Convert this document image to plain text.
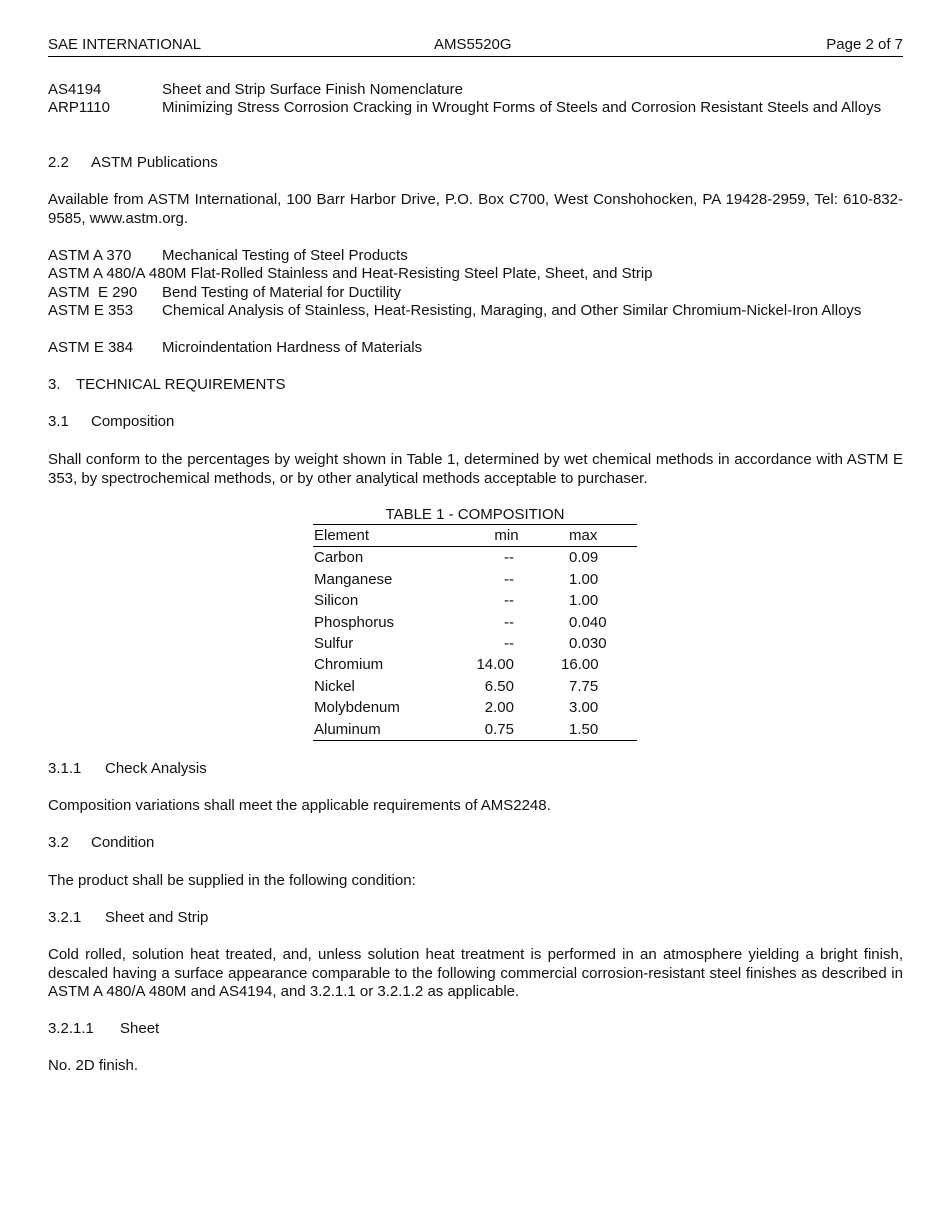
SAE INTERNATIONAL	AMS5520G	Page 2 of 7
AS4194	Sheet and Strip Surface Finish Nomenclature
ARP1110	Minimizing Stress Corrosion Cracking in Wrought Forms of Steels and Corrosion Resistant Steels and Alloys
2.2 ASTM Publications
Available from ASTM International, 100 Barr Harbor Drive, P.O. Box C700, West Conshohocken, PA 19428-2959, Tel: 610-832-9585, www.astm.org.
ASTM A 370 Mechanical Testing of Steel Products
ASTM A 480/A 480M Flat-Rolled Stainless and Heat-Resisting Steel Plate, Sheet, and Strip
ASTM  E 290 Bend Testing of Material for Ductility
ASTM E 353 Chemical Analysis of Stainless, Heat-Resisting, Maraging, and Other Similar Chromium-Nickel-Iron Alloys
ASTM E 384 Microindentation Hardness of Materials
3. TECHNICAL REQUIREMENTS
3.1 Composition
Shall conform to the percentages by weight shown in Table 1, determined by wet chemical methods in accordance with ASTM E 353, by spectrochemical methods, or by other analytical methods acceptable to purchaser.
TABLE 1 - COMPOSITION
Element	min	max
Carbon	--	0.09
Manganese	--	1.00
Silicon	--	1.00
Phosphorus	--	0.040
Sulfur	--	0.030
Chromium	14.00	16.00
Nickel	6.50	7.75
Molybdenum	2.00	3.00
Aluminum	0.75	1.50
3.1.1 Check Analysis
Composition variations shall meet the applicable requirements of AMS2248.
3.2 Condition
The product shall be supplied in the following condition:
3.2.1 Sheet and Strip
Cold rolled, solution heat treated, and, unless solution heat treatment is performed in an atmosphere yielding a bright finish, descaled having a surface appearance comparable to the following commercial corrosion-resistant steel finishes as described in ASTM A 480/A 480M and AS4194, and 3.2.1.1 or 3.2.1.2 as applicable.
3.2.1.1 Sheet
No. 2D finish.
